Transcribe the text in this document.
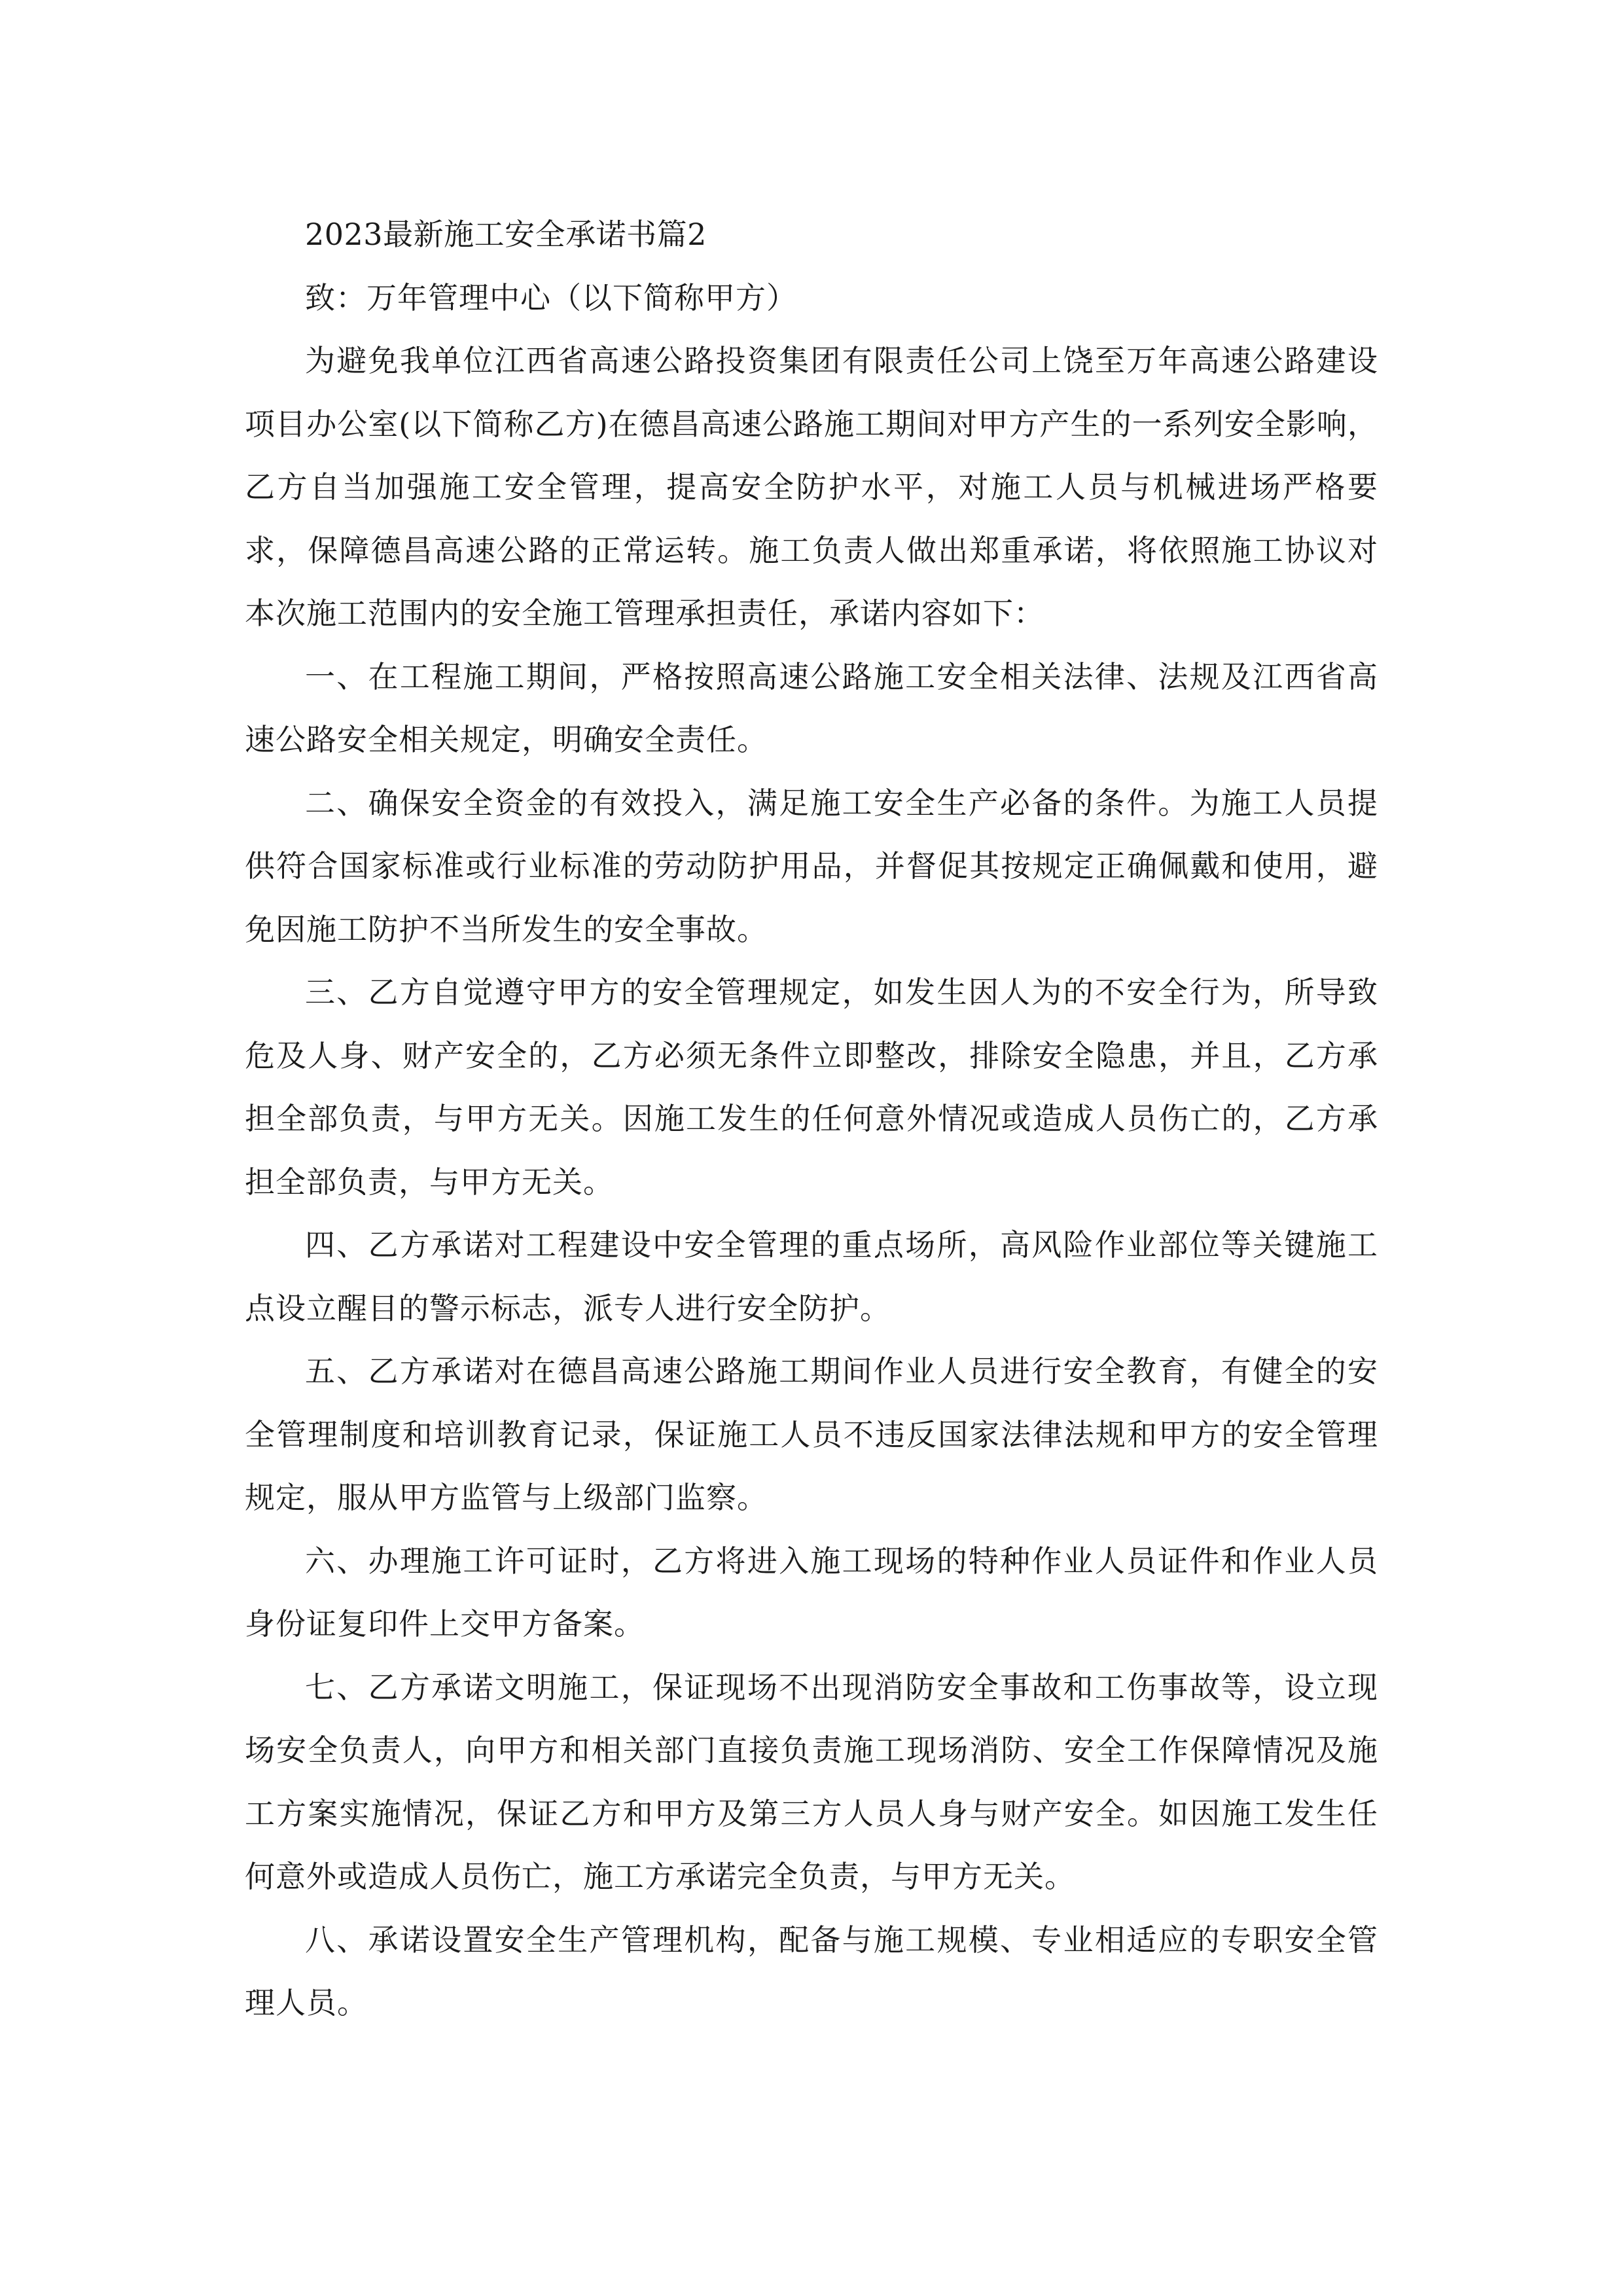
2023最新施工安全承诺书篇2

致：万年管理中心（以下简称甲方）

为避免我单位江西省高速公路投资集团有限责任公司上饶至万年高速公路建设项目办公室(以下简称乙方)在德昌高速公路施工期间对甲方产生的一系列安全影响，乙方自当加强施工安全管理，提高安全防护水平，对施工人员与机械进场严格要求，保障德昌高速公路的正常运转。施工负责人做出郑重承诺，将依照施工协议对本次施工范围内的安全施工管理承担责任，承诺内容如下：

一、在工程施工期间，严格按照高速公路施工安全相关法律、法规及江西省高速公路安全相关规定，明确安全责任。

二、确保安全资金的有效投入，满足施工安全生产必备的条件。为施工人员提供符合国家标准或行业标准的劳动防护用品，并督促其按规定正确佩戴和使用，避免因施工防护不当所发生的安全事故。

三、乙方自觉遵守甲方的安全管理规定，如发生因人为的不安全行为，所导致危及人身、财产安全的，乙方必须无条件立即整改，排除安全隐患，并且，乙方承担全部负责，与甲方无关。因施工发生的任何意外情况或造成人员伤亡的，乙方承担全部负责，与甲方无关。

四、乙方承诺对工程建设中安全管理的重点场所，高风险作业部位等关键施工点设立醒目的警示标志，派专人进行安全防护。

五、乙方承诺对在德昌高速公路施工期间作业人员进行安全教育，有健全的安全管理制度和培训教育记录，保证施工人员不违反国家法律法规和甲方的安全管理规定，服从甲方监管与上级部门监察。

六、办理施工许可证时，乙方将进入施工现场的特种作业人员证件和作业人员身份证复印件上交甲方备案。

七、乙方承诺文明施工，保证现场不出现消防安全事故和工伤事故等，设立现场安全负责人，向甲方和相关部门直接负责施工现场消防、安全工作保障情况及施工方案实施情况，保证乙方和甲方及第三方人员人身与财产安全。如因施工发生任何意外或造成人员伤亡，施工方承诺完全负责，与甲方无关。

八、承诺设置安全生产管理机构，配备与施工规模、专业相适应的专职安全管理人员。
